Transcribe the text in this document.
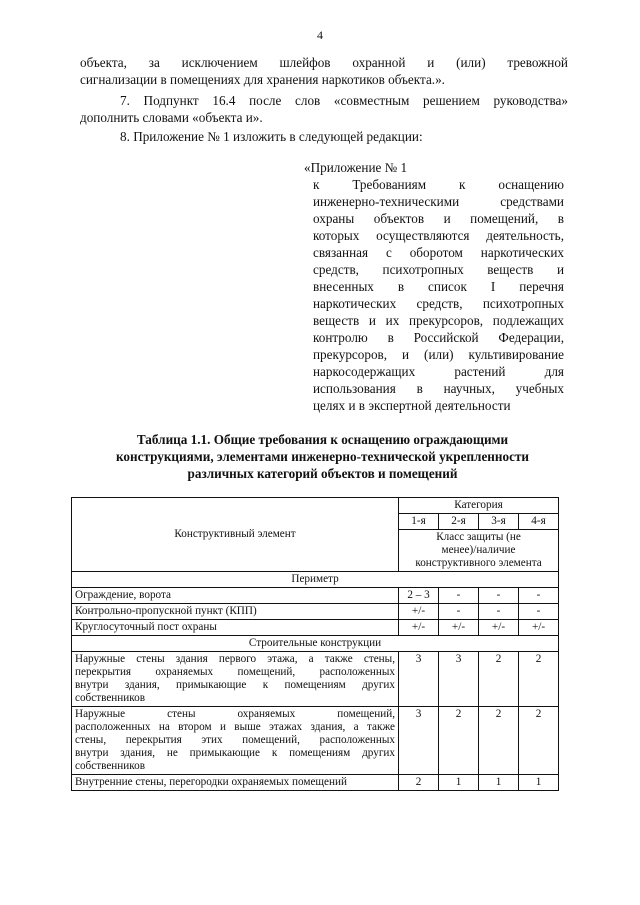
4
объекта, за исключением шлейфов охранной и (или) тревожной
сигнализации в помещениях для хранения наркотиков объекта.».
7. Подпункт 16.4 после слов «совместным решением руководства»
дополнить словами «объекта и».
8. Приложение № 1 изложить в следующей редакции:
«Приложение № 1
к Требованиям к оснащению
инженерно-техническими средствами
охраны объектов и помещений, в
которых осуществляются деятельность,
связанная с оборотом наркотических
средств, психотропных веществ и
внесенных в список I перечня
наркотических средств, психотропных
веществ и их прекурсоров, подлежащих
контролю в Российской Федерации,
прекурсоров, и (или) культивирование
наркосодержащих растений для
использования в научных, учебных
целях и в экспертной деятельности
Таблица 1.1. Общие требования к оснащению ограждающими
конструкциями, элементами инженерно-технической укрепленности
различных категорий объектов и помещений
Конструктивный элемент	Категория			
	1-я	2-я	3-я	4-я

	Класс защиты (не
менее)/наличие
конструктивного элемента			

Периметр				
Ограждение, ворота	2 – 3	-	-	-
Контрольно-пропускной пункт (КПП)	+/-	-	-	-
Круглосуточный пост охраны	+/-	+/-	+/-	+/-
Строительные конструкции				

Наружные стены здания первого этажа, а также стены,
перекрытия охраняемых помещений, расположенных
внутри здания, примыкающие к помещениям других
собственников	3	3	2	2

Наружные стены охраняемых помещений,
расположенных на втором и выше этажах здания, а также
стены, перекрытия этих помещений, расположенных
внутри здания, не примыкающие к помещениям других
собственников	3	2	2	2

Внутренние стены, перегородки охраняемых помещений	2	1	1	1
